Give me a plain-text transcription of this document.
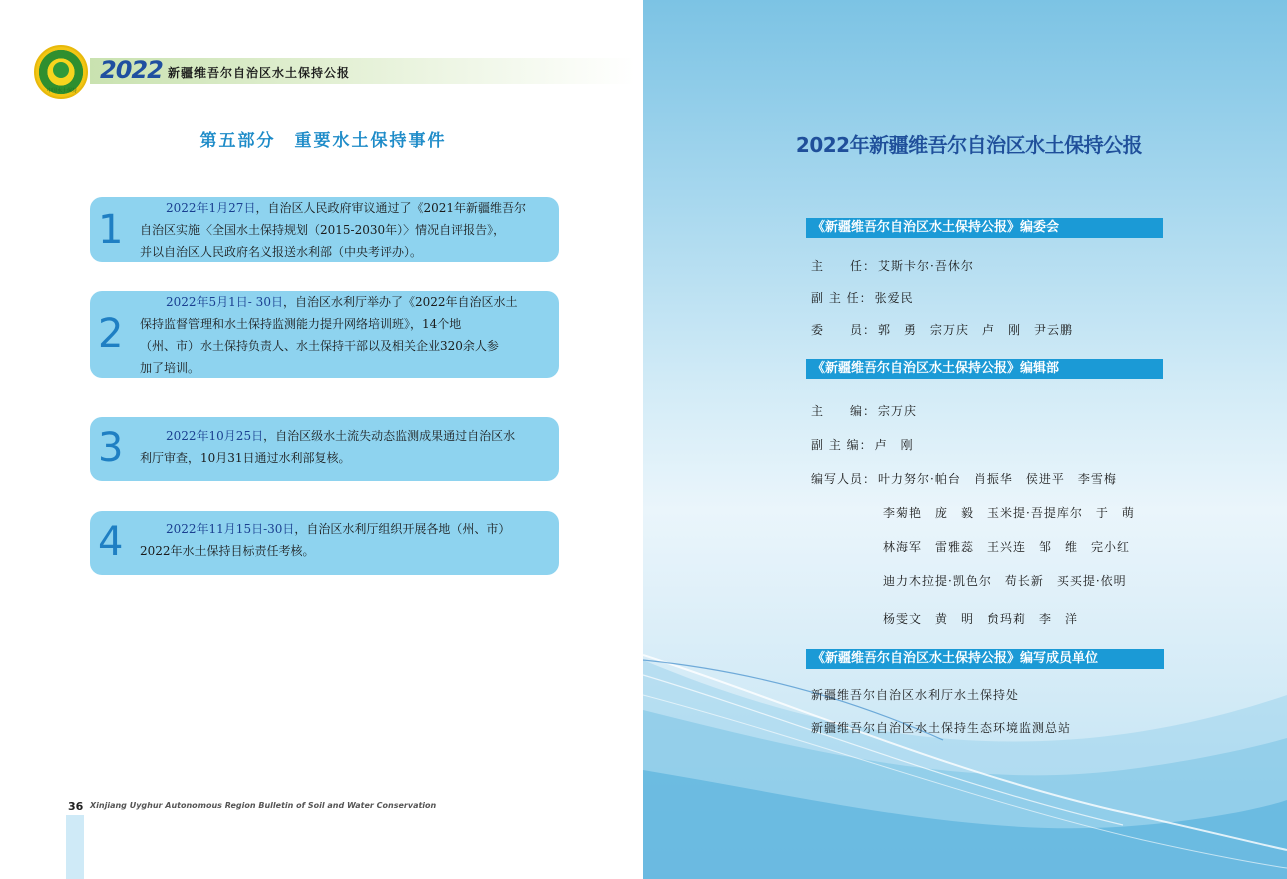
中国水土保持
2022 新疆维吾尔自治区水土保持公报
第五部分　重要水土保持事件
1	2022年1月27日，自治区人民政府审议通过了《2021年新疆维吾尔
自治区实施〈全国水土保持规划（2015-2030年）〉情况自评报告》，
并以自治区人民政府名义报送水利部（中央考评办）。
2
2022年5月1日- 30日，自治区水利厅举办了《2022年自治区水土
保持监督管理和水土保持监测能力提升网络培训班》，14个地
（州、市）水土保持负责人、水土保持干部以及相关企业320余人参
加了培训。
3	2022年10月25日，自治区级水土流失动态监测成果通过自治区水
利厅审查，10月31日通过水利部复核。
4	2022年11月15日-30日，自治区水利厅组织开展各地（州、市）
2022年水土保持目标责任考核。
36 Xinjiang Uyghur Autonomous Region Bulletin of Soil and Water Conservation
2022年新疆维吾尔自治区水土保持公报
《新疆维吾尔自治区水土保持公报》编委会
主　　任： 艾斯卡尔·吾休尔
副 主 任： 张爱民
委　　员： 郭　勇　宗万庆　卢　刚　尹云鹏
《新疆维吾尔自治区水土保持公报》编辑部
主　　编： 宗万庆
副 主 编： 卢　刚
编写人员： 叶力努尔·帕台　肖振华　侯进平　李雪梅
李菊艳　庞　毅　玉米提·吾提库尔　于　萌
林海军　雷雅蕊　王兴连　邹　维　完小红
迪力木拉提·凯色尔　苟长新　买买提·依明
杨雯文　黄　明　贠玛莉　李　洋
《新疆维吾尔自治区水土保持公报》编写成员单位
新疆维吾尔自治区水利厅水土保持处
新疆维吾尔自治区水土保持生态环境监测总站
